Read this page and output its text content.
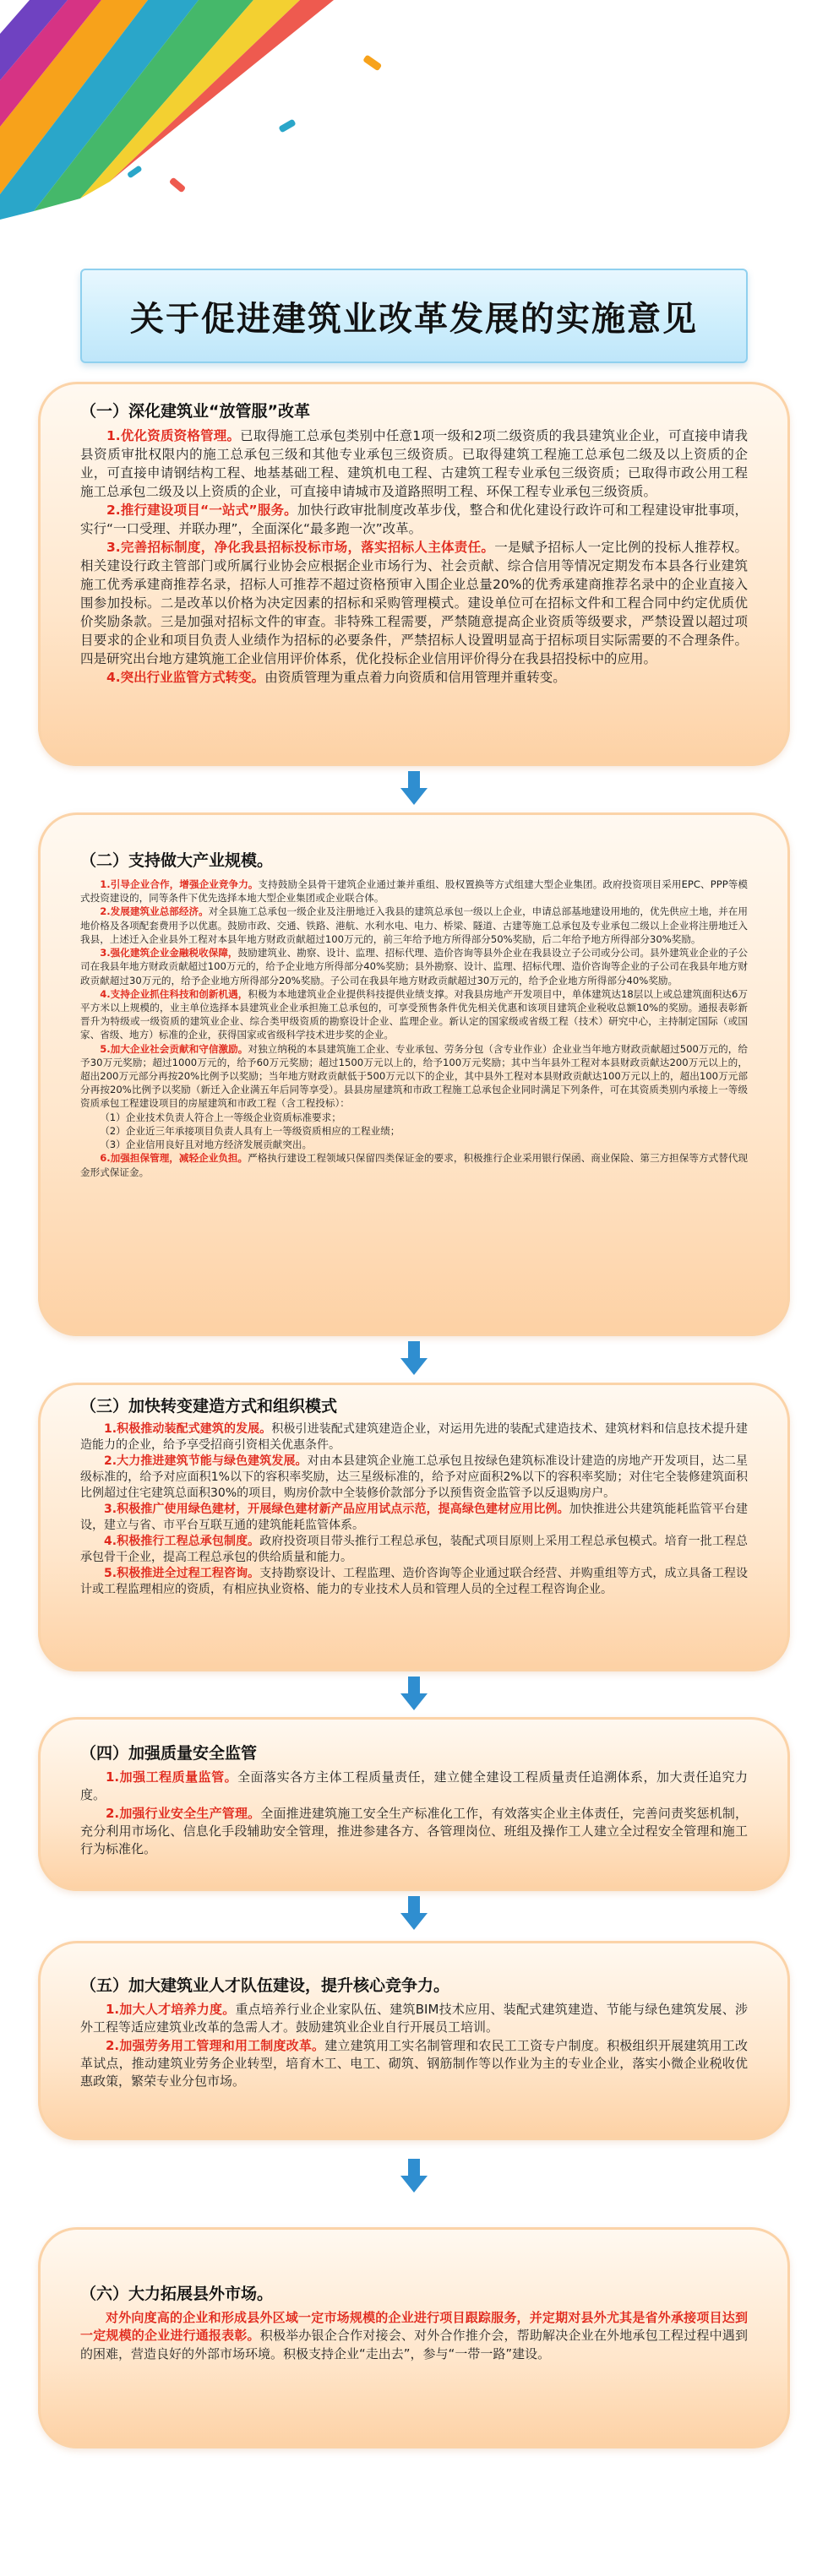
关于促进建筑业改革发展的实施意见
（一）深化建筑业“放管服”改革

1.优化资质资格管理。已取得施工总承包类别中任意1项一级和2项二级资质的我县建筑业企业，可直接申请我县资质审批权限内的施工总承包三级和其他专业承包三级资质。已取得建筑工程施工总承包二级及以上资质的企业，可直接申请钢结构工程、地基基础工程、建筑机电工程、古建筑工程专业承包三级资质；已取得市政公用工程施工总承包二级及以上资质的企业，可直接申请城市及道路照明工程、环保工程专业承包三级资质。

2.推行建设项目“一站式”服务。加快行政审批制度改革步伐，整合和优化建设行政许可和工程建设审批事项，实行“一口受理、并联办理”，全面深化“最多跑一次”改革。

3.完善招标制度，净化我县招标投标市场，落实招标人主体责任。一是赋予招标人一定比例的投标人推荐权。相关建设行政主管部门或所属行业协会应根据企业市场行为、社会贡献、综合信用等情况定期发布本县各行业建筑施工优秀承建商推荐名录，招标人可推荐不超过资格预审入围企业总量20%的优秀承建商推荐名录中的企业直接入围参加投标。二是改革以价格为决定因素的招标和采购管理模式。建设单位可在招标文件和工程合同中约定优质优价奖励条款。三是加强对招标文件的审查。非特殊工程需要，严禁随意提高企业资质等级要求，严禁设置以超过项目要求的企业和项目负责人业绩作为招标的必要条件，严禁招标人设置明显高于招标项目实际需要的不合理条件。四是研究出台地方建筑施工企业信用评价体系，优化投标企业信用评价得分在我县招投标中的应用。

4.突出行业监管方式转变。由资质管理为重点着力向资质和信用管理并重转变。

（二）支持做大产业规模。

1.引导企业合作，增强企业竞争力。支持鼓励全县骨干建筑企业通过兼并重组、股权置换等方式组建大型企业集团。政府投资项目采用EPC、PPP等模式投资建设的，同等条件下优先选择本地大型企业集团或企业联合体。

2.发展建筑业总部经济。对全县施工总承包一级企业及注册地迁入我县的建筑总承包一级以上企业，申请总部基地建设用地的，优先供应土地，并在用地价格及各项配套费用予以优惠。鼓励市政、交通、铁路、港航、水利水电、电力、桥梁、隧道、古建等施工总承包及专业承包二级以上企业将注册地迁入我县，上述迁入企业县外工程对本县年地方财政贡献超过100万元的，前三年给予地方所得部分50%奖励，后二年给予地方所得部分30%奖励。

3.强化建筑企业金融税收保障，鼓励建筑业、勘察、设计、监理、招标代理、造价咨询等县外企业在我县设立子公司或分公司。县外建筑业企业的子公司在我县年地方财政贡献超过100万元的，给予企业地方所得部分40%奖励；县外勘察、设计、监理、招标代理、造价咨询等企业的子公司在我县年地方财政贡献超过30万元的，给予企业地方所得部分20%奖励。子公司在我县年地方财政贡献超过30万元的，给予企业地方所得部分40%奖励。

4.支持企业抓住科技和创新机遇，积极为本地建筑业企业提供科技提供业绩支撑。对我县房地产开发项目中，单体建筑达18层以上或总建筑面积达6万平方米以上规模的，业主单位选择本县建筑业企业承担施工总承包的，可享受预售条件优先相关优惠和该项目建筑企业税收总额10%的奖励。通报表彰新晋升为特级或一级资质的建筑业企业、综合类甲级资质的勘察设计企业、监理企业。新认定的国家级或省级工程（技术）研究中心，主持制定国际（或国家、省级、地方）标准的企业，获得国家或省级科学技术进步奖的企业。

5.加大企业社会贡献和守信激励。对独立纳税的本县建筑施工企业、专业承包、劳务分包（含专业作业）企业业当年地方财政贡献超过500万元的，给予30万元奖励；超过1000万元的，给予60万元奖励；超过1500万元以上的，给予100万元奖励；其中当年县外工程对本县财政贡献达200万元以上的，超出200万元部分再按20%比例予以奖励；当年地方财政贡献低于500万元以下的企业，其中县外工程对本县财政贡献达100万元以上的，超出100万元部分再按20%比例予以奖励（新迁入企业满五年后同等享受）。县县房屋建筑和市政工程施工总承包企业同时满足下列条件，可在其资质类别内承接上一等级资质承包工程建设项目的房屋建筑和市政工程（含工程投标）：

（1）企业技术负责人符合上一等级企业资质标准要求；

（2）企业近三年承接项目负责人具有上一等级资质相应的工程业绩；

（3）企业信用良好且对地方经济发展贡献突出。

6.加强担保管理，减轻企业负担。严格执行建设工程领域只保留四类保证金的要求，积极推行企业采用银行保函、商业保险、第三方担保等方式替代现金形式保证金。

（三）加快转变建造方式和组织模式

1.积极推动装配式建筑的发展。积极引进装配式建筑建造企业，对运用先进的装配式建造技术、建筑材料和信息技术提升建造能力的企业，给予享受招商引资相关优惠条件。

2.大力推进建筑节能与绿色建筑发展。对由本县建筑企业施工总承包且按绿色建筑标准设计建造的房地产开发项目，达二星级标准的，给予对应面积1%以下的容积率奖励，达三星级标准的，给予对应面积2%以下的容积率奖励；对住宅全装修建筑面积比例超过住宅建筑总面积30%的项目，购房价款中全装修价款部分予以预售资金监管予以反退购房户。

3.积极推广使用绿色建材，开展绿色建材新产品应用试点示范，提高绿色建材应用比例。加快推进公共建筑能耗监管平台建设，建立与省、市平台互联互通的建筑能耗监管体系。

4.积极推行工程总承包制度。政府投资项目带头推行工程总承包，装配式项目原则上采用工程总承包模式。培育一批工程总承包骨干企业，提高工程总承包的供给质量和能力。

5.积极推进全过程工程咨询。支持勘察设计、工程监理、造价咨询等企业通过联合经营、并购重组等方式，成立具备工程设计或工程监理相应的资质，有相应执业资格、能力的专业技术人员和管理人员的全过程工程咨询企业。

（四）加强质量安全监管

1.加强工程质量监管。全面落实各方主体工程质量责任，建立健全建设工程质量责任追溯体系，加大责任追究力度。

2.加强行业安全生产管理。全面推进建筑施工安全生产标准化工作，有效落实企业主体责任，完善问责奖惩机制，充分利用市场化、信息化手段辅助安全管理，推进参建各方、各管理岗位、班组及操作工人建立全过程安全管理和施工行为标准化。

（五）加大建筑业人才队伍建设，提升核心竞争力。

1.加大人才培养力度。重点培养行业企业家队伍、建筑BIM技术应用、装配式建筑建造、节能与绿色建筑发展、涉外工程等适应建筑业改革的急需人才。鼓励建筑业企业自行开展员工培训。

2.加强劳务用工管理和用工制度改革。建立建筑用工实名制管理和农民工工资专户制度。积极组织开展建筑用工改革试点，推动建筑业劳务企业转型，培育木工、电工、砌筑、钢筋制作等以作业为主的专业企业，落实小微企业税收优惠政策，繁荣专业分包市场。

（六）大力拓展县外市场。

对外向度高的企业和形成县外区域一定市场规模的企业进行项目跟踪服务，并定期对县外尤其是省外承接项目达到一定规模的企业进行通报表彰。积极举办银企合作对接会、对外合作推介会，帮助解决企业在外地承包工程过程中遇到的困难，营造良好的外部市场环境。积极支持企业“走出去”，参与“一带一路”建设。
